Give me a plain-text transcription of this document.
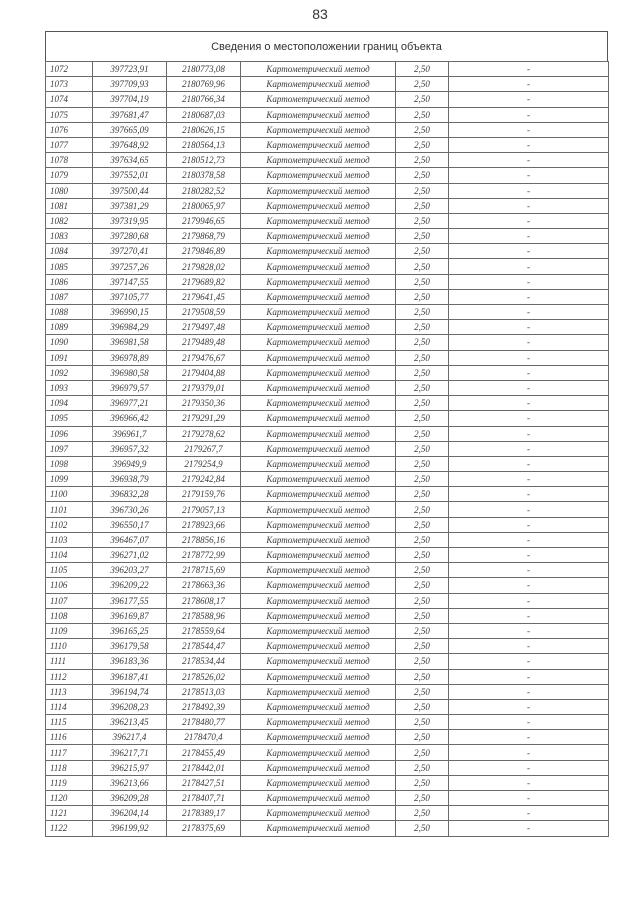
83
Сведения о местоположении границ объекта
1072	397723,91	2180773,08	Картометрический метод	2,50	-
1073	397709,93	2180769,96	Картометрический метод	2,50	-
1074	397704,19	2180766,34	Картометрический метод	2,50	-
1075	397681,47	2180687,03	Картометрический метод	2,50	-
1076	397665,09	2180626,15	Картометрический метод	2,50	-
1077	397648,92	2180564,13	Картометрический метод	2,50	-
1078	397634,65	2180512,73	Картометрический метод	2,50	-
1079	397552,01	2180378,58	Картометрический метод	2,50	-
1080	397500,44	2180282,52	Картометрический метод	2,50	-
1081	397381,29	2180065,97	Картометрический метод	2,50	-
1082	397319,95	2179946,65	Картометрический метод	2,50	-
1083	397280,68	2179868,79	Картометрический метод	2,50	-
1084	397270,41	2179846,89	Картометрический метод	2,50	-
1085	397257,26	2179828,02	Картометрический метод	2,50	-
1086	397147,55	2179689,82	Картометрический метод	2,50	-
1087	397105,77	2179641,45	Картометрический метод	2,50	-
1088	396990,15	2179508,59	Картометрический метод	2,50	-
1089	396984,29	2179497,48	Картометрический метод	2,50	-
1090	396981,58	2179489,48	Картометрический метод	2,50	-
1091	396978,89	2179476,67	Картометрический метод	2,50	-
1092	396980,58	2179404,88	Картометрический метод	2,50	-
1093	396979,57	2179379,01	Картометрический метод	2,50	-
1094	396977,21	2179350,36	Картометрический метод	2,50	-
1095	396966,42	2179291,29	Картометрический метод	2,50	-
1096	396961,7	2179278,62	Картометрический метод	2,50	-
1097	396957,32	2179267,7	Картометрический метод	2,50	-
1098	396949,9	2179254,9	Картометрический метод	2,50	-
1099	396938,79	2179242,84	Картометрический метод	2,50	-
1100	396832,28	2179159,76	Картометрический метод	2,50	-
1101	396730,26	2179057,13	Картометрический метод	2,50	-
1102	396550,17	2178923,66	Картометрический метод	2,50	-
1103	396467,07	2178856,16	Картометрический метод	2,50	-
1104	396271,02	2178772,99	Картометрический метод	2,50	-
1105	396203,27	2178715,69	Картометрический метод	2,50	-
1106	396209,22	2178663,36	Картометрический метод	2,50	-
1107	396177,55	2178608,17	Картометрический метод	2,50	-
1108	396169,87	2178588,96	Картометрический метод	2,50	-
1109	396165,25	2178559,64	Картометрический метод	2,50	-
1110	396179,58	2178544,47	Картометрический метод	2,50	-
1111	396183,36	2178534,44	Картометрический метод	2,50	-
1112	396187,41	2178526,02	Картометрический метод	2,50	-
1113	396194,74	2178513,03	Картометрический метод	2,50	-
1114	396208,23	2178492,39	Картометрический метод	2,50	-
1115	396213,45	2178480,77	Картометрический метод	2,50	-
1116	396217,4	2178470,4	Картометрический метод	2,50	-
1117	396217,71	2178455,49	Картометрический метод	2,50	-
1118	396215,97	2178442,01	Картометрический метод	2,50	-
1119	396213,66	2178427,51	Картометрический метод	2,50	-
1120	396209,28	2178407,71	Картометрический метод	2,50	-
1121	396204,14	2178389,17	Картометрический метод	2,50	-
1122	396199,92	2178375,69	Картометрический метод	2,50	-
